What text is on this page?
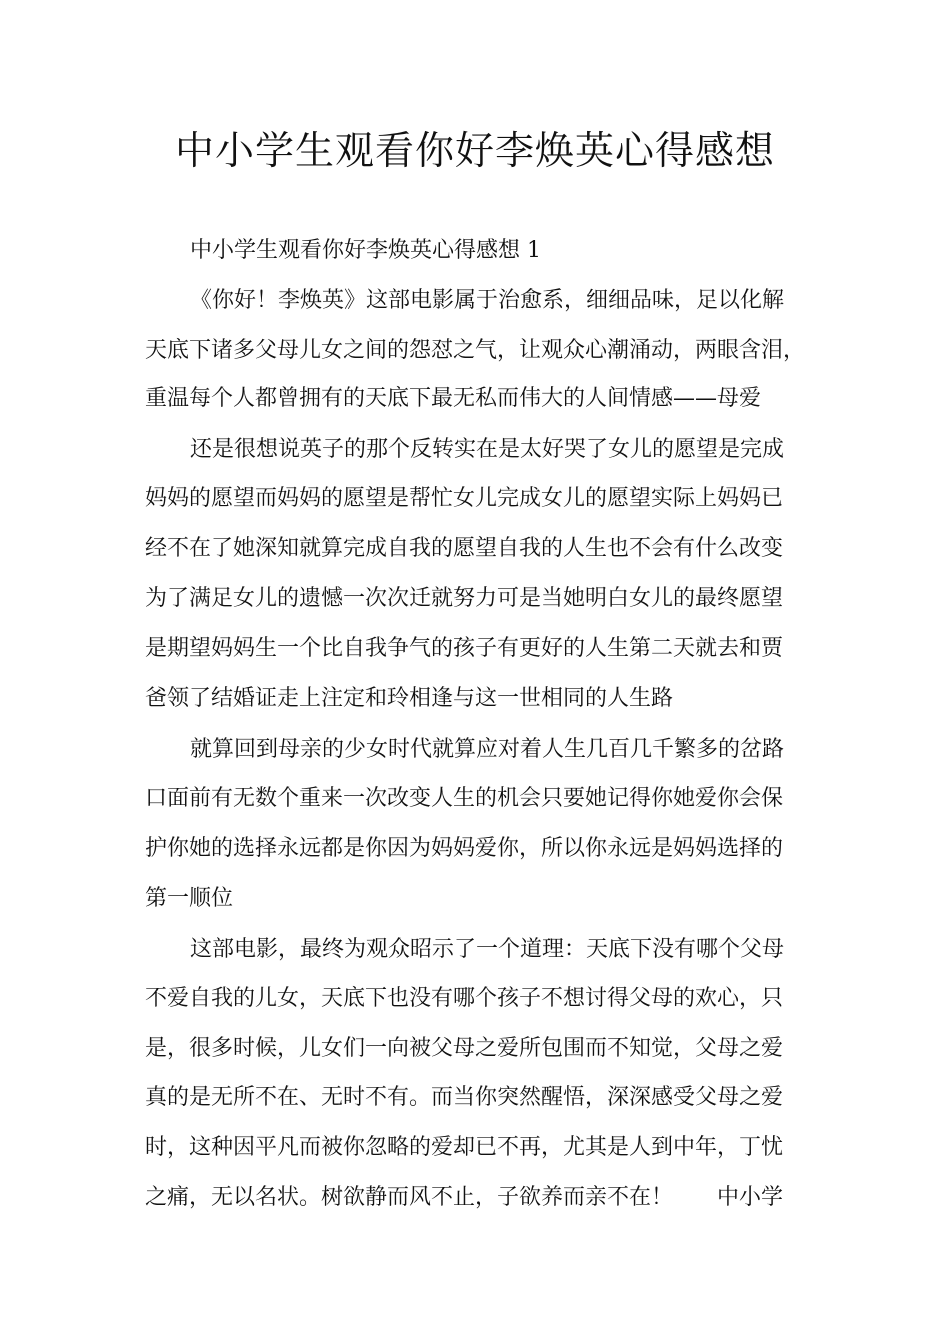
中小学生观看你好李焕英心得感想

中小学生观看你好李焕英心得感想 1

《你好！李焕英》这部电影属于治愈系，细细品味，足以化解

天底下诸多父母儿女之间的怨怼之气，让观众心潮涌动，两眼含泪，

重温每个人都曾拥有的天底下最无私而伟大的人间情感——母爱

还是很想说英子的那个反转实在是太好哭了女儿的愿望是完成

妈妈的愿望而妈妈的愿望是帮忙女儿完成女儿的愿望实际上妈妈已

经不在了她深知就算完成自我的愿望自我的人生也不会有什么改变

为了满足女儿的遗憾一次次迁就努力可是当她明白女儿的最终愿望

是期望妈妈生一个比自我争气的孩子有更好的人生第二天就去和贾

爸领了结婚证走上注定和玲相逢与这一世相同的人生路

就算回到母亲的少女时代就算应对着人生几百几千繁多的岔路

口面前有无数个重来一次改变人生的机会只要她记得你她爱你会保

护你她的选择永远都是你因为妈妈爱你，所以你永远是妈妈选择的

第一顺位

这部电影，最终为观众昭示了一个道理：天底下没有哪个父母

不爱自我的儿女，天底下也没有哪个孩子不想讨得父母的欢心，只

是，很多时候，儿女们一向被父母之爱所包围而不知觉，父母之爱

真的是无所不在、无时不有。而当你突然醒悟，深深感受父母之爱

时，这种因平凡而被你忽略的爱却已不再，尤其是人到中年，丁忧

之痛，无以名状。树欲静而风不止，子欲养而亲不在！　　中小学
